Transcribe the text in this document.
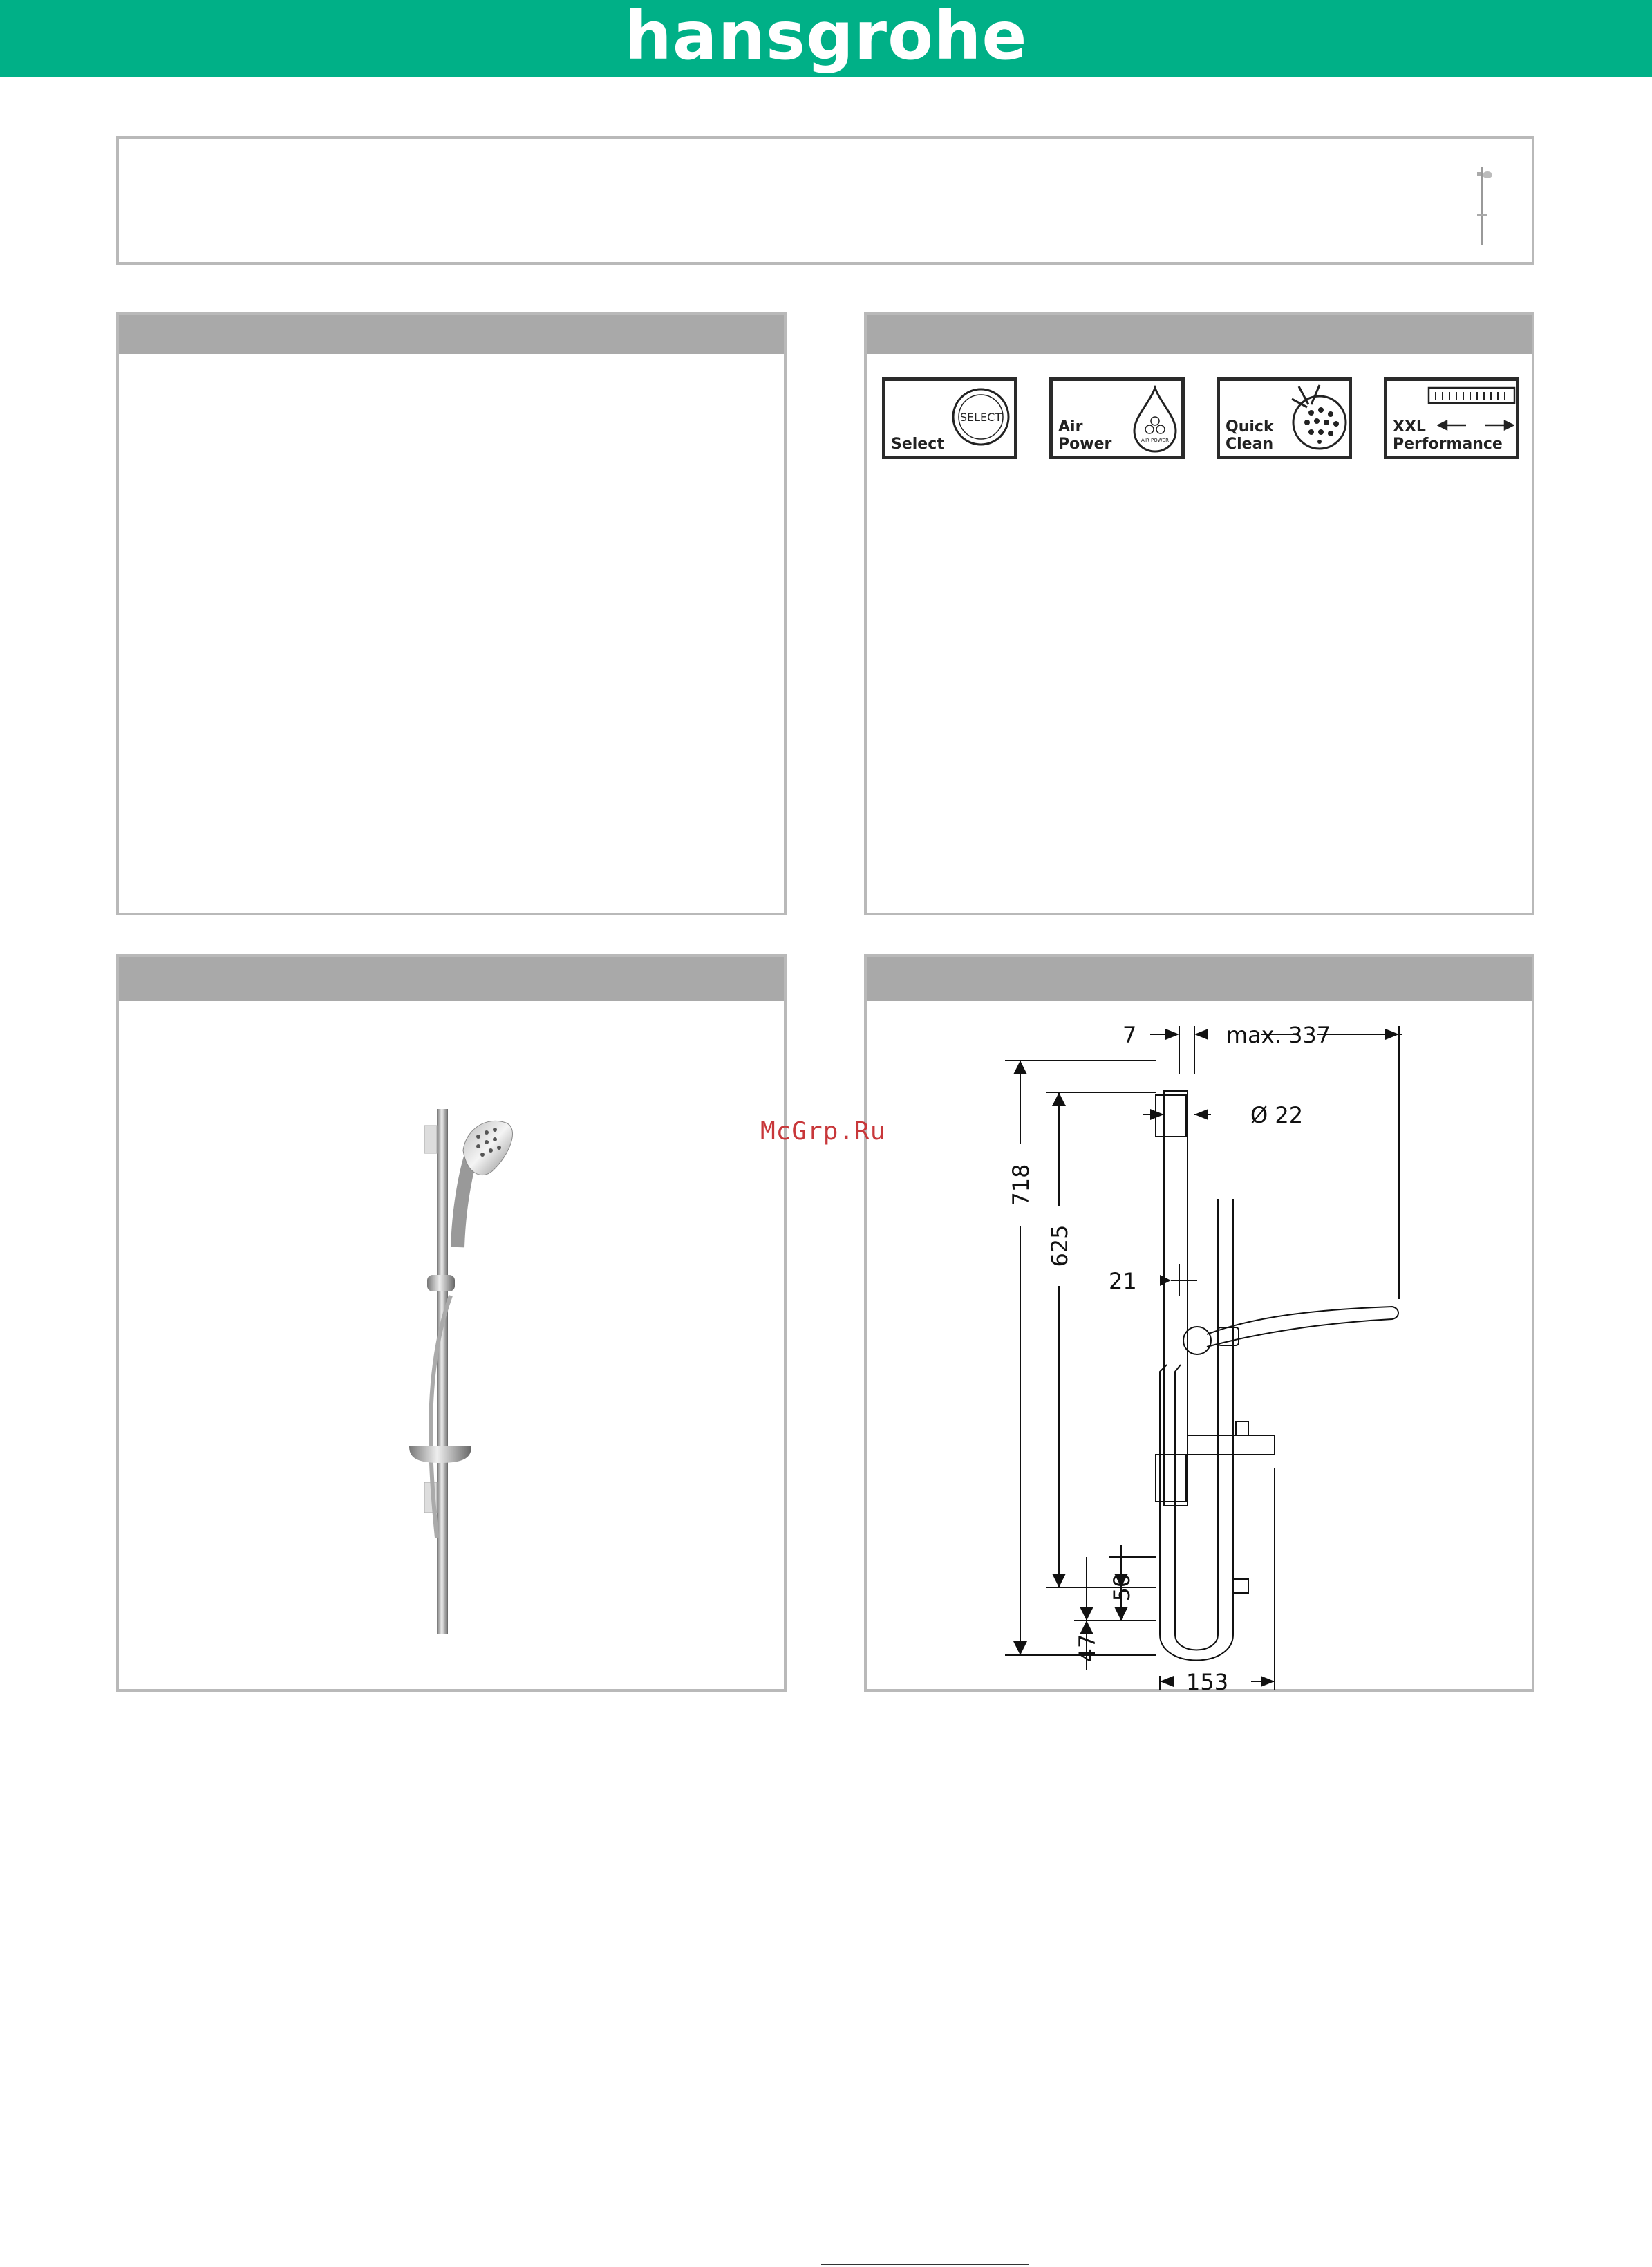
hansgrohe
SELECT
Select	AIR POWER
Air
Power
Quick
Clean
XXL
Performance
7	max. 337
Ø 22
21
718
625
47
50
153
McGrp.Ru
